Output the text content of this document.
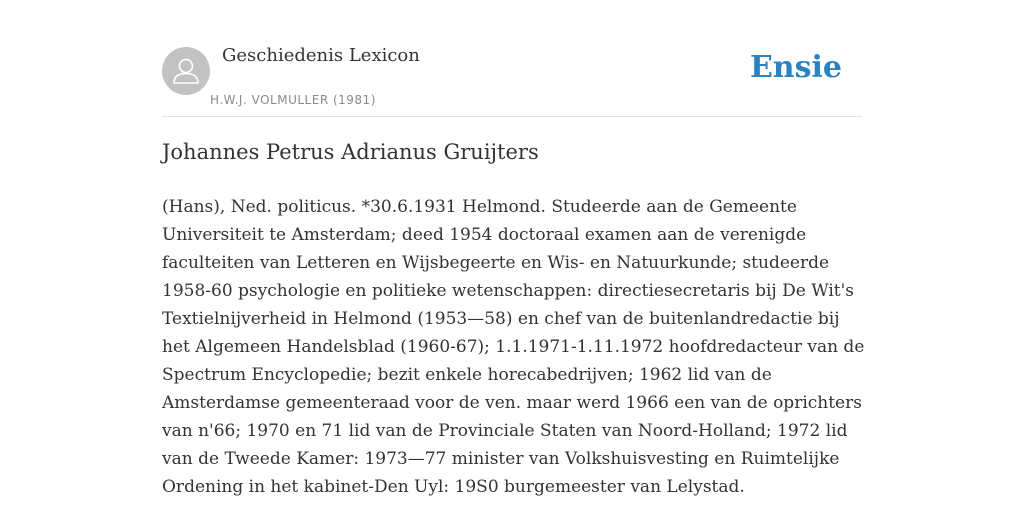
Geschiedenis Lexicon
H.W.J. VOLMULLER (1981)
Ensie
Johannes Petrus Adrianus Gruijters

(Hans), Ned. politicus. *30.6.1931 Helmond. Studeerde aan de Gemeente
Universiteit te Amsterdam; deed 1954 doctoraal examen aan de verenigde
faculteiten van Letteren en Wijsbegeerte en Wis- en Natuurkunde; studeerde
1958-60 psychologie en politieke wetenschappen: directiesecretaris bij De Wit's
Textielnijverheid in Helmond (1953—58) en chef van de buitenlandredactie bij
het Algemeen Handelsblad (1960-67); 1.1.1971-1.11.1972 hoofdredacteur van de
Spectrum Encyclopedie; bezit enkele horecabedrijven; 1962 lid van de
Amsterdamse gemeenteraad voor de ven. maar werd 1966 een van de oprichters
van n'66; 1970 en 71 lid van de Provinciale Staten van Noord-Holland; 1972 lid
van de Tweede Kamer: 1973—77 minister van Volkshuisvesting en Ruimtelijke
Ordening in het kabinet-Den Uyl: 19S0 burgemeester van Lelystad.
